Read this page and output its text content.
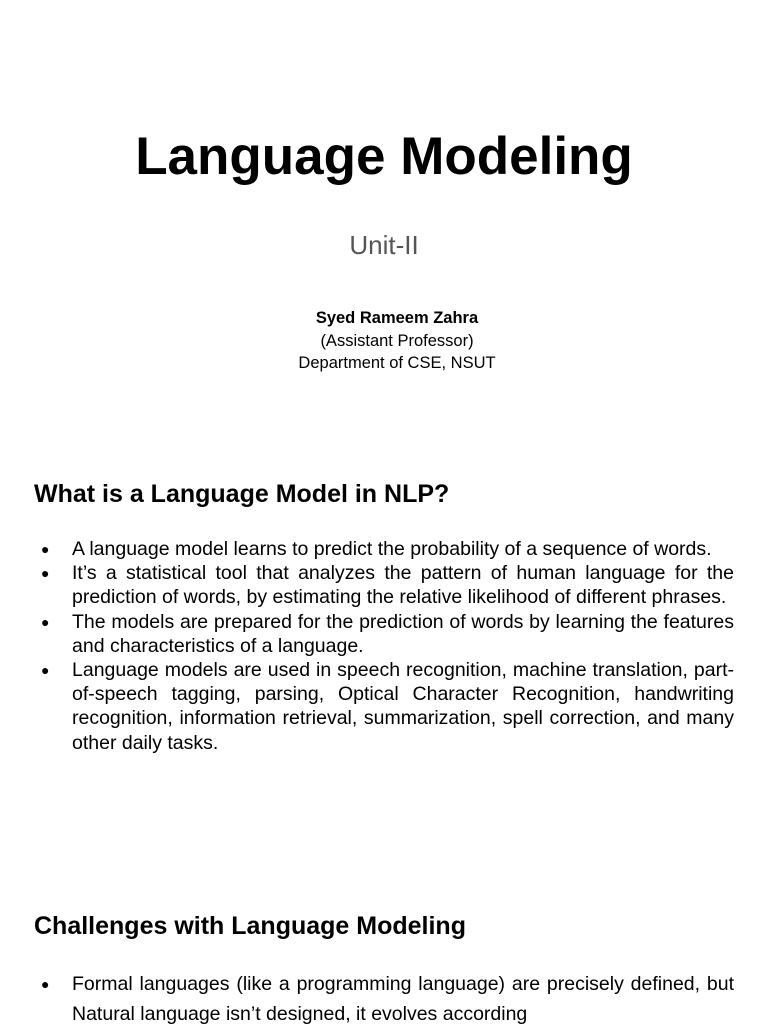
Language Modeling
Unit-II
Syed Rameem Zahra
(Assistant Professor)
Department of CSE, NSUT
What is a Language Model in NLP?
● A language model learns to predict the probability of a sequence of words.
● It’s a statistical tool that analyzes the pattern of human language for the prediction of words, by estimating the relative likelihood of different phrases.
● The models are prepared for the prediction of words by learning the features and characteristics of a language.
● Language models are used in speech recognition, machine translation, part-of-speech tagging, parsing, Optical Character Recognition, handwriting recognition, information retrieval, summarization, spell correction, and many other daily tasks.
Challenges with Language Modeling
● Formal languages (like a programming language) are precisely defined, but Natural language isn’t designed, it evolves according
